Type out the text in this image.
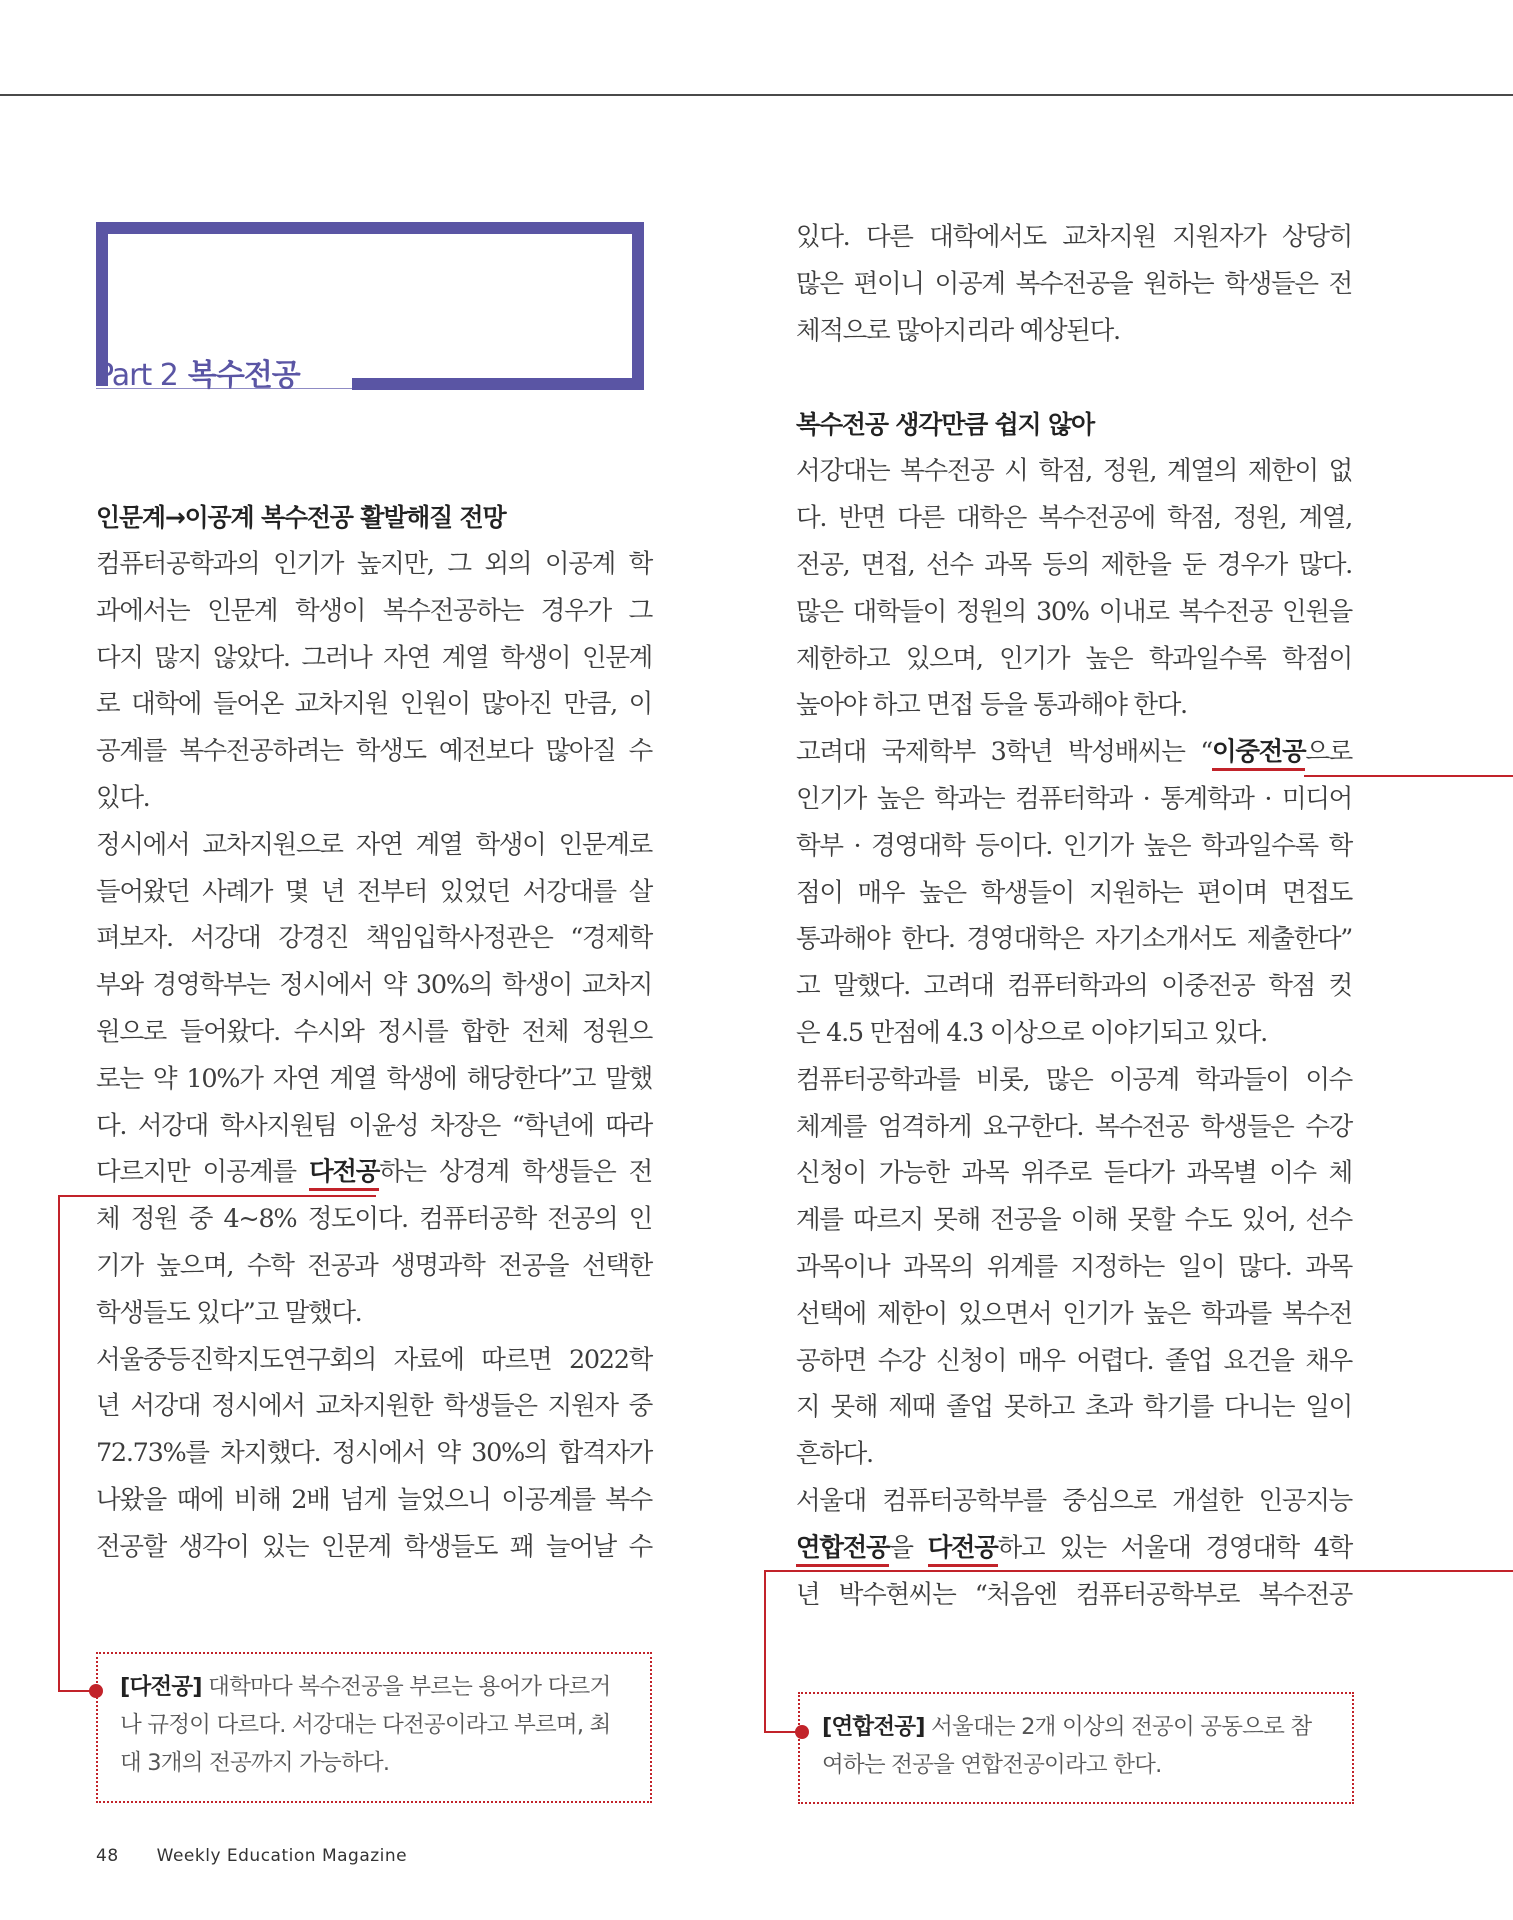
Part 2 복수전공
인문계→이공계 복수전공 활발해질 전망
컴퓨터공학과의 인기가 높지만, 그 외의 이공계 학
과에서는 인문계 학생이 복수전공하는 경우가 그
다지 많지 않았다. 그러나 자연 계열 학생이 인문계
로 대학에 들어온 교차지원 인원이 많아진 만큼, 이
공계를 복수전공하려는 학생도 예전보다 많아질 수
있다.
정시에서 교차지원으로 자연 계열 학생이 인문계로
들어왔던 사례가 몇 년 전부터 있었던 서강대를 살
펴보자. 서강대 강경진 책임입학사정관은 “경제학
부와 경영학부는 정시에서 약 30%의 학생이 교차지
원으로 들어왔다. 수시와 정시를 합한 전체 정원으
로는 약 10%가 자연 계열 학생에 해당한다”고 말했
다. 서강대 학사지원팀 이윤성 차장은 “학년에 따라
다르지만 이공계를 다전공하는 상경계 학생들은 전
체 정원 중 4~8% 정도이다. 컴퓨터공학 전공의 인
기가 높으며, 수학 전공과 생명과학 전공을 선택한
학생들도 있다”고 말했다.
서울중등진학지도연구회의 자료에 따르면 2022학
년 서강대 정시에서 교차지원한 학생들은 지원자 중
72.73%를 차지했다. 정시에서 약 30%의 합격자가
나왔을 때에 비해 2배 넘게 늘었으니 이공계를 복수
전공할 생각이 있는 인문계 학생들도 꽤 늘어날 수
있다. 다른 대학에서도 교차지원 지원자가 상당히
많은 편이니 이공계 복수전공을 원하는 학생들은 전
체적으로 많아지리라 예상된다.
복수전공 생각만큼 쉽지 않아
서강대는 복수전공 시 학점, 정원, 계열의 제한이 없
다. 반면 다른 대학은 복수전공에 학점, 정원, 계열,
전공, 면접, 선수 과목 등의 제한을 둔 경우가 많다.
많은 대학들이 정원의 30% 이내로 복수전공 인원을
제한하고 있으며, 인기가 높은 학과일수록 학점이
높아야 하고 면접 등을 통과해야 한다.
고려대 국제학부 3학년 박성배씨는 “이중전공으로
인기가 높은 학과는 컴퓨터학과 · 통계학과 · 미디어
학부 · 경영대학 등이다. 인기가 높은 학과일수록 학
점이 매우 높은 학생들이 지원하는 편이며 면접도
통과해야 한다. 경영대학은 자기소개서도 제출한다”
고 말했다. 고려대 컴퓨터학과의 이중전공 학점 컷
은 4.5 만점에 4.3 이상으로 이야기되고 있다.
컴퓨터공학과를 비롯, 많은 이공계 학과들이 이수
체계를 엄격하게 요구한다. 복수전공 학생들은 수강
신청이 가능한 과목 위주로 듣다가 과목별 이수 체
계를 따르지 못해 전공을 이해 못할 수도 있어, 선수
과목이나 과목의 위계를 지정하는 일이 많다. 과목
선택에 제한이 있으면서 인기가 높은 학과를 복수전
공하면 수강 신청이 매우 어렵다. 졸업 요건을 채우
지 못해 제때 졸업 못하고 초과 학기를 다니는 일이
흔하다.
서울대 컴퓨터공학부를 중심으로 개설한 인공지능
연합전공을 다전공하고 있는 서울대 경영대학 4학
년 박수현씨는 “처음엔 컴퓨터공학부로 복수전공
[다전공] 대학마다 복수전공을 부르는 용어가 다르거
나 규정이 다르다. 서강대는 다전공이라고 부르며, 최
대 3개의 전공까지 가능하다.
[연합전공] 서울대는 2개 이상의 전공이 공동으로 참
여하는 전공을 연합전공이라고 한다.
48 Weekly Education Magazine
